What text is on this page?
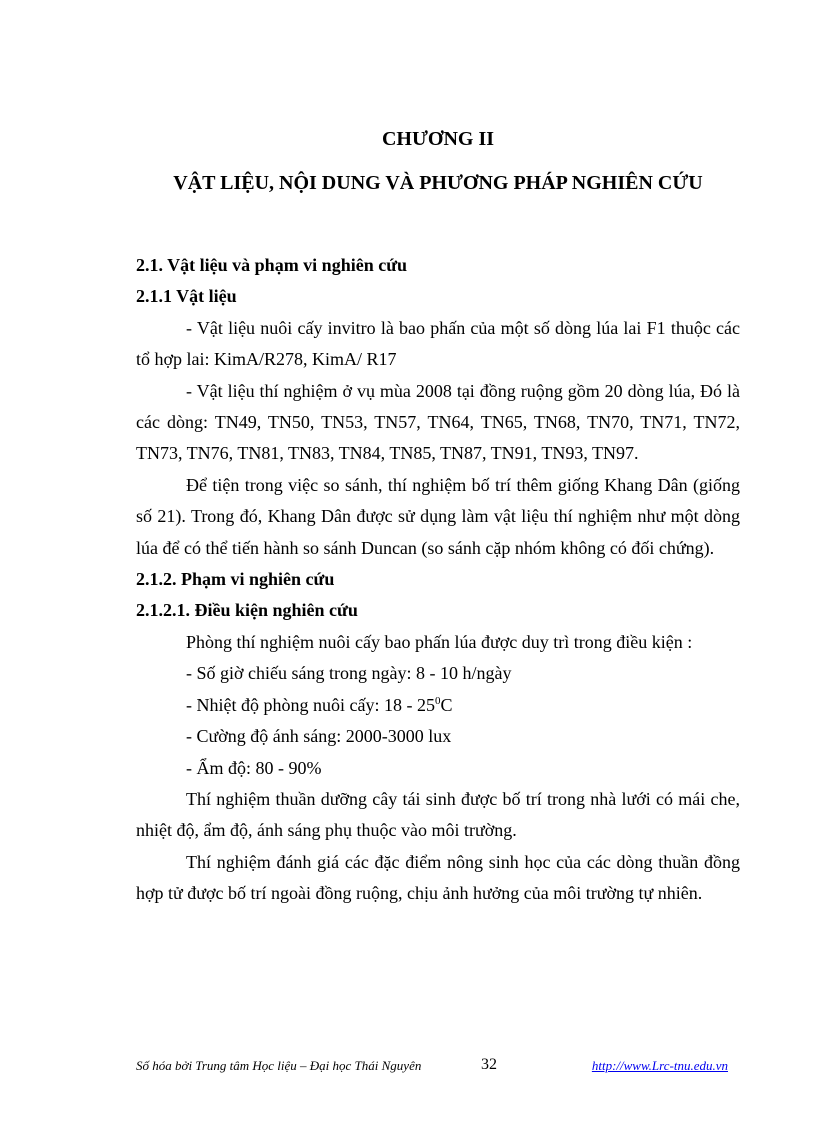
CHƯƠNG II
VẬT LIỆU, NỘI DUNG VÀ PHƯƠNG PHÁP NGHIÊN CỨU
2.1. Vật liệu và phạm vi nghiên cứu
2.1.1 Vật liệu

- Vật liệu nuôi cấy invitro là bao phấn của một số dòng lúa lai F1 thuộc các tổ hợp lai: KimA/R278, KimA/ R17

- Vật liệu thí nghiệm ở vụ mùa 2008 tại đồng ruộng gồm 20 dòng lúa, Đó là các dòng: TN49, TN50, TN53, TN57, TN64, TN65, TN68, TN70, TN71, TN72, TN73, TN76, TN81, TN83, TN84, TN85, TN87, TN91, TN93, TN97.

Để tiện trong việc so sánh, thí nghiệm bố trí thêm giống Khang Dân (giống số 21). Trong đó, Khang Dân được sử dụng làm vật liệu thí nghiệm như một dòng lúa để có thể tiến hành so sánh Duncan (so sánh cặp nhóm không có đối chứng).

2.1.2. Phạm vi nghiên cứu
2.1.2.1. Điều kiện nghiên cứu

Phòng thí nghiệm nuôi cấy bao phấn lúa được duy trì trong điều kiện :

- Số giờ chiếu sáng trong ngày: 8 - 10 h/ngày

- Nhiệt độ phòng nuôi cấy: $18 - 25^0C$

- Cường độ ánh sáng: 2000-3000 lux

- Ẩm độ: 80 - 90%

Thí nghiệm thuần dưỡng cây tái sinh được bố trí trong nhà lưới có mái che, nhiệt độ, ẩm độ, ánh sáng phụ thuộc vào môi trường.

Thí nghiệm đánh giá các đặc điểm nông sinh học của các dòng thuần đồng hợp tử được bố trí ngoài đồng ruộng, chịu ảnh hưởng của môi trường tự nhiên.

Số hóa bởi Trung tâm Học liệu – Đại học Thái Nguyên	32	http://www.Lrc-tnu.edu.vn
